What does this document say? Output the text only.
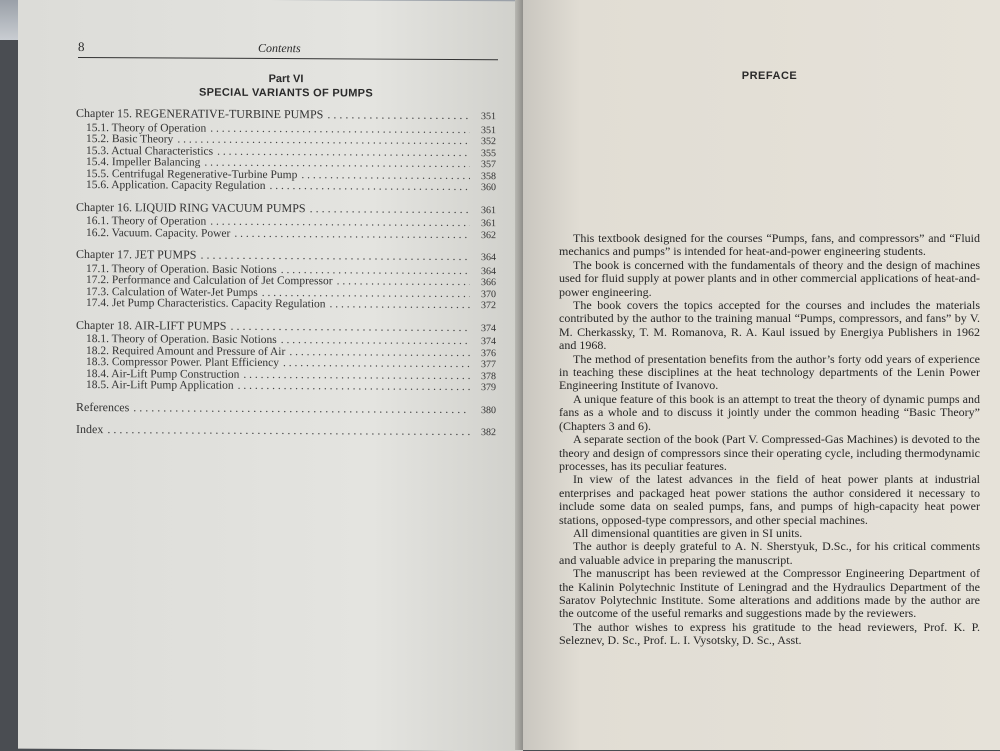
8	Contents
Part VI
SPECIAL VARIANTS OF PUMPS
Chapter 15. REGENERATIVE-TURBINE PUMPS . . .	351
15.1. Theory of Operation . . .	351
15.2. Basic Theory . . .	352
15.3. Actual Characteristics . . .	355
15.4. Impeller Balancing . . .	357
15.5. Centrifugal Regenerative-Turbine Pump . . .	358
15.6. Application. Capacity Regulation . . .	360
Chapter 16. LIQUID RING VACUUM PUMPS . . .	361
16.1. Theory of Operation . . .	361
16.2. Vacuum. Capacity. Power . . .	362
Chapter 17. JET PUMPS . . .	364
17.1. Theory of Operation. Basic Notions . . .	364
17.2. Performance and Calculation of Jet Compressor . . .	366
17.3. Calculation of Water-Jet Pumps . . .	370
17.4. Jet Pump Characteristics. Capacity Regulation . . .	372
Chapter 18. AIR-LIFT PUMPS . . .	374
18.1. Theory of Operation. Basic Notions . . .	374
18.2. Required Amount and Pressure of Air . . .	376
18.3. Compressor Power. Plant Efficiency . . .	377
18.4. Air-Lift Pump Construction . . .	378
18.5. Air-Lift Pump Application . . .	379
References . . .	380
Index . . .	382
PREFACE

This textbook designed for the courses “Pumps, fans, and compressors” and “Fluid mechanics and pumps” is intended for heat-and-power engineering students.

The book is concerned with the fundamentals of theory and the design of machines used for fluid supply at power plants and in other commercial applications of heat-and-power engineering.

The book covers the topics accepted for the courses and includes the materials contributed by the author to the training manual “Pumps, compressors, and fans” by V. M. Cherkassky, T. M. Romanova, R. A. Kaul issued by Energiya Publishers in 1962 and 1968.

The method of presentation benefits from the author’s forty odd years of experience in teaching these disciplines at the heat technology departments of the Lenin Power Engineering Institute of Ivanovo.

A unique feature of this book is an attempt to treat the theory of dynamic pumps and fans as a whole and to discuss it jointly under the common heading “Basic Theory” (Chapters 3 and 6).

A separate section of the book (Part V. Compressed-Gas Machines) is devoted to the theory and design of compressors since their operating cycle, including thermodynamic processes, has its peculiar features.

In view of the latest advances in the field of heat power plants at industrial enterprises and packaged heat power stations the author considered it necessary to include some data on sealed pumps, fans, and pumps of high-capacity heat power stations, opposed-type compressors, and other special machines.

All dimensional quantities are given in SI units.

The author is deeply grateful to A. N. Sherstyuk, D.Sc., for his critical comments and valuable advice in preparing the manuscript.

The manuscript has been reviewed at the Compressor Engineering Department of the Kalinin Polytechnic Institute of Leningrad and the Hydraulics Department of the Saratov Polytechnic Institute. Some alterations and additions made by the author are the outcome of the useful remarks and suggestions made by the reviewers.

The author wishes to express his gratitude to the head reviewers, Prof. K. P. Seleznev, D. Sc., Prof. L. I. Vysotsky, D. Sc., Asst.
